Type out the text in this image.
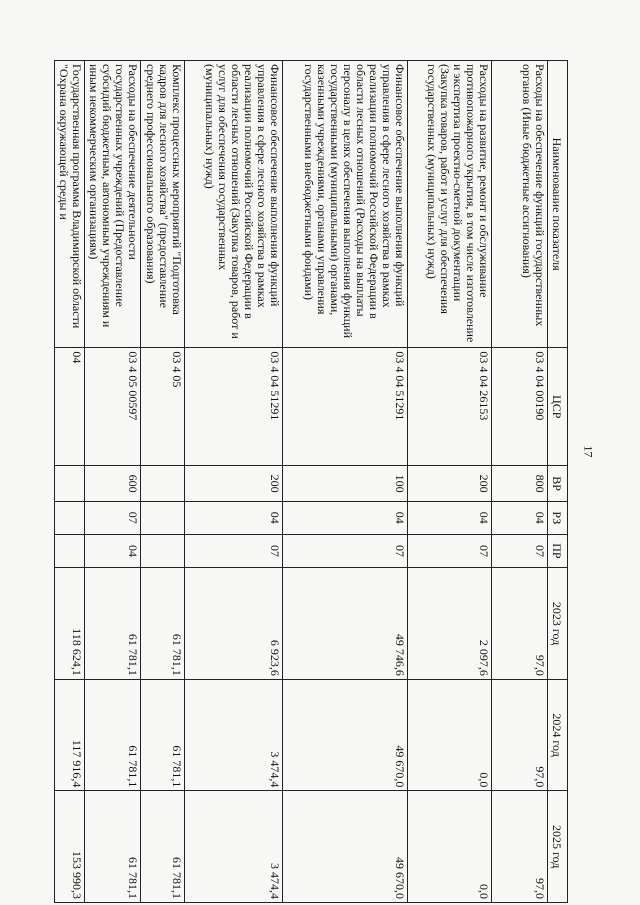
17
Наименование показателя	ЦСР	ВР	РЗ	ПР	2023 год	2024 год	2025 год
Расходы на обеспечение функций государственных органов (Иные бюджетные ассигнования)	03 4 04 00190	800	04	07	97,0	97,0	97,0
Расходы на развитие, ремонт и обслуживание противопожарного укрытия, в том числе изготовление и экспертиза проектно-сметной документации (Закупка товаров, работ и услуг для обеспечения государственных (муниципальных) нужд)	03 4 04 26153	200	04	07	2 097,6	0,0	0,0
Финансовое обеспечение выполнения функций управления в сфере лесного хозяйства в рамках реализации полномочий Российской Федерации в области лесных отношений (Расходы на выплаты персоналу в целях обеспечения выполнения функций государственными (муниципальными) органами, казенными учреждениями, органами управления государственными внебюджетными фондами)	03 4 04 51291	100	04	07	49 746,6	49 670,0	49 670,0
Финансовое обеспечение выполнения функций управления в сфере лесного хозяйства в рамках реализации полномочий Российской Федерации в области лесных отношений (Закупка товаров, работ и услуг для обеспечения государственных (муниципальных) нужд)	03 4 04 51291	200	04	07	6 923,6	3 474,4	3 474,4
Комплекс процессных мероприятий "Подготовка кадров для лесного хозяйства" (предоставление среднего профессионального образования)	03 4 05				61 781,1	61 781,1	61 781,1
Расходы на обеспечение деятельности государственных учреждений (Предоставление субсидий бюджетным, автономным учреждениям и иным некоммерческим организациям)	03 4 05 00597	600	07	04	61 781,1	61 781,1	61 781,1
Государственная программа Владимирской области "Охрана окружающей среды и	04				118 624,1	117 916,4	153 990,3
